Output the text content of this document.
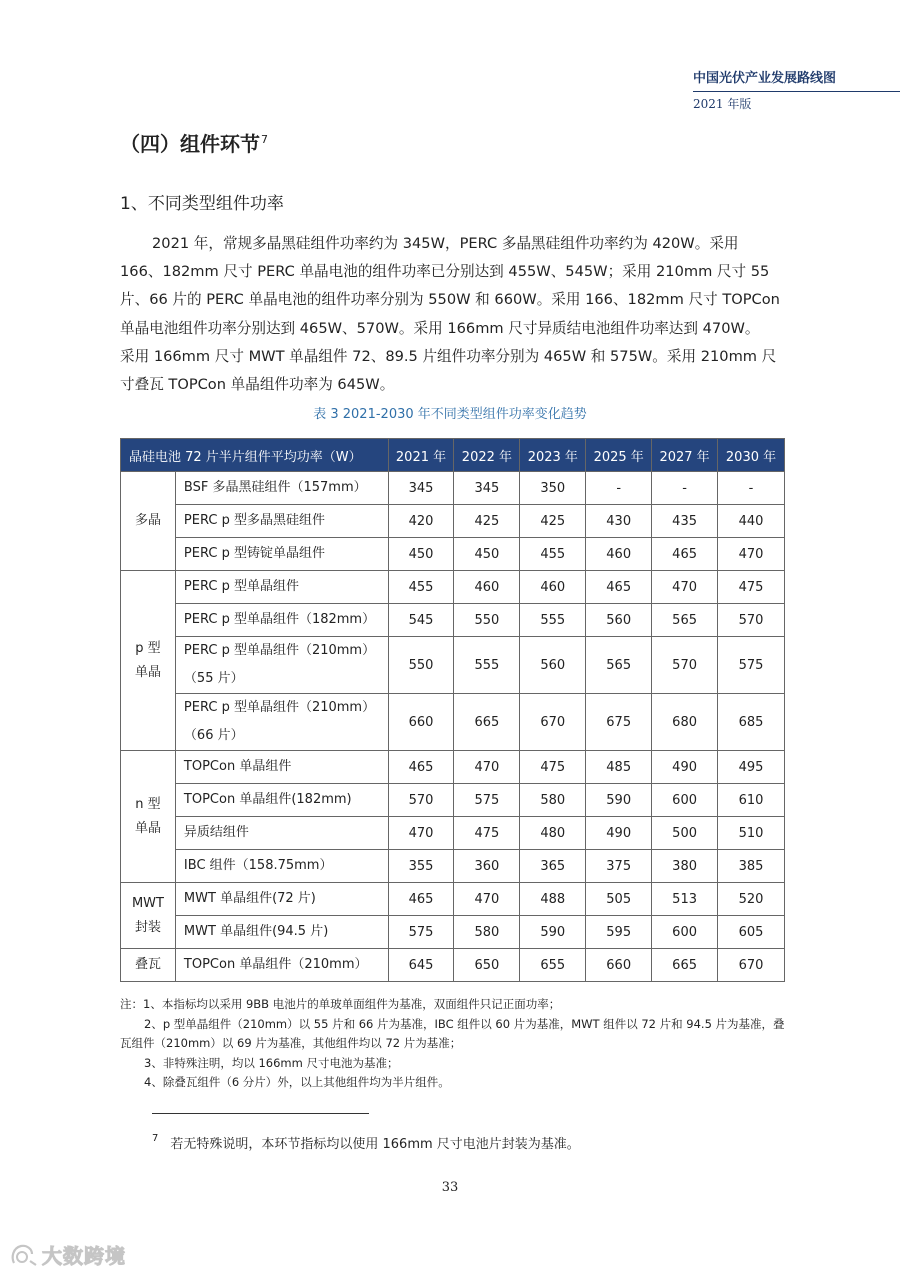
中国光伏产业发展路线图
2021 年版
（四）组件环节$^7$
1、不同类型组件功率
2021 年，常规多晶黑硅组件功率约为 345W，PERC 多晶黑硅组件功率约为 420W。采用
166、182mm 尺寸 PERC 单晶电池的组件功率已分别达到 455W、545W；采用 210mm 尺寸 55
片、66 片的 PERC 单晶电池的组件功率分别为 550W 和 660W。采用 166、182mm 尺寸 TOPCon
单晶电池组件功率分别达到 465W、570W。采用 166mm 尺寸异质结电池组件功率达到 470W。
采用 166mm 尺寸 MWT 单晶组件 72、89.5 片组件功率分别为 465W 和 575W。采用 210mm 尺
寸叠瓦 TOPCon 单晶组件功率为 645W。
表 3 2021-2030 年不同类型组件功率变化趋势
晶硅电池 72 片半片组件平均功率（W）		2021 年	2022 年	2023 年	2025 年	2027 年	2030 年
多晶	BSF 多晶黑硅组件（157mm）	345	345	350	-	-	-

	PERC p 型多晶黑硅组件	420	425	425	430	435	440

	PERC p 型铸锭单晶组件	450	450	455	460	465	470
p 型
单晶	PERC p 型单晶组件	455	460	460	465	470	475

	PERC p 型单晶组件（182mm）	545	550	555	560	565	570

	PERC p 型单晶组件（210mm）
（55 片）	550	555	560	565	570	575

	PERC p 型单晶组件（210mm）
（66 片）	660	665	670	675	680	685
n 型
单晶	TOPCon 单晶组件	465	470	475	485	490	495

	TOPCon 单晶组件(182mm)	570	575	580	590	600	610

	异质结组件	470	475	480	490	500	510

	IBC 组件（158.75mm）	355	360	365	375	380	385
MWT
封装	MWT 单晶组件(72 片)	465	470	488	505	513	520

	MWT 单晶组件(94.5 片)	575	580	590	595	600	605
叠瓦	TOPCon 单晶组件（210mm）	645	650	655	660	665	670
注：1、本指标均以采用 9BB 电池片的单玻单面组件为基准，双面组件只记正面功率；
2、p 型单晶组件（210mm）以 55 片和 66 片为基准，IBC 组件以 60 片为基准，MWT 组件以 72 片和 94.5 片为基准，叠
瓦组件（210mm）以 69 片为基准，其他组件均以 72 片为基准；
3、非特殊注明，均以 166mm 尺寸电池为基准；
4、除叠瓦组件（6 分片）外，以上其他组件均为半片组件。
$^7$ 若无特殊说明，本环节指标均以使用 166mm 尺寸电池片封装为基准。
33
大数跨境
